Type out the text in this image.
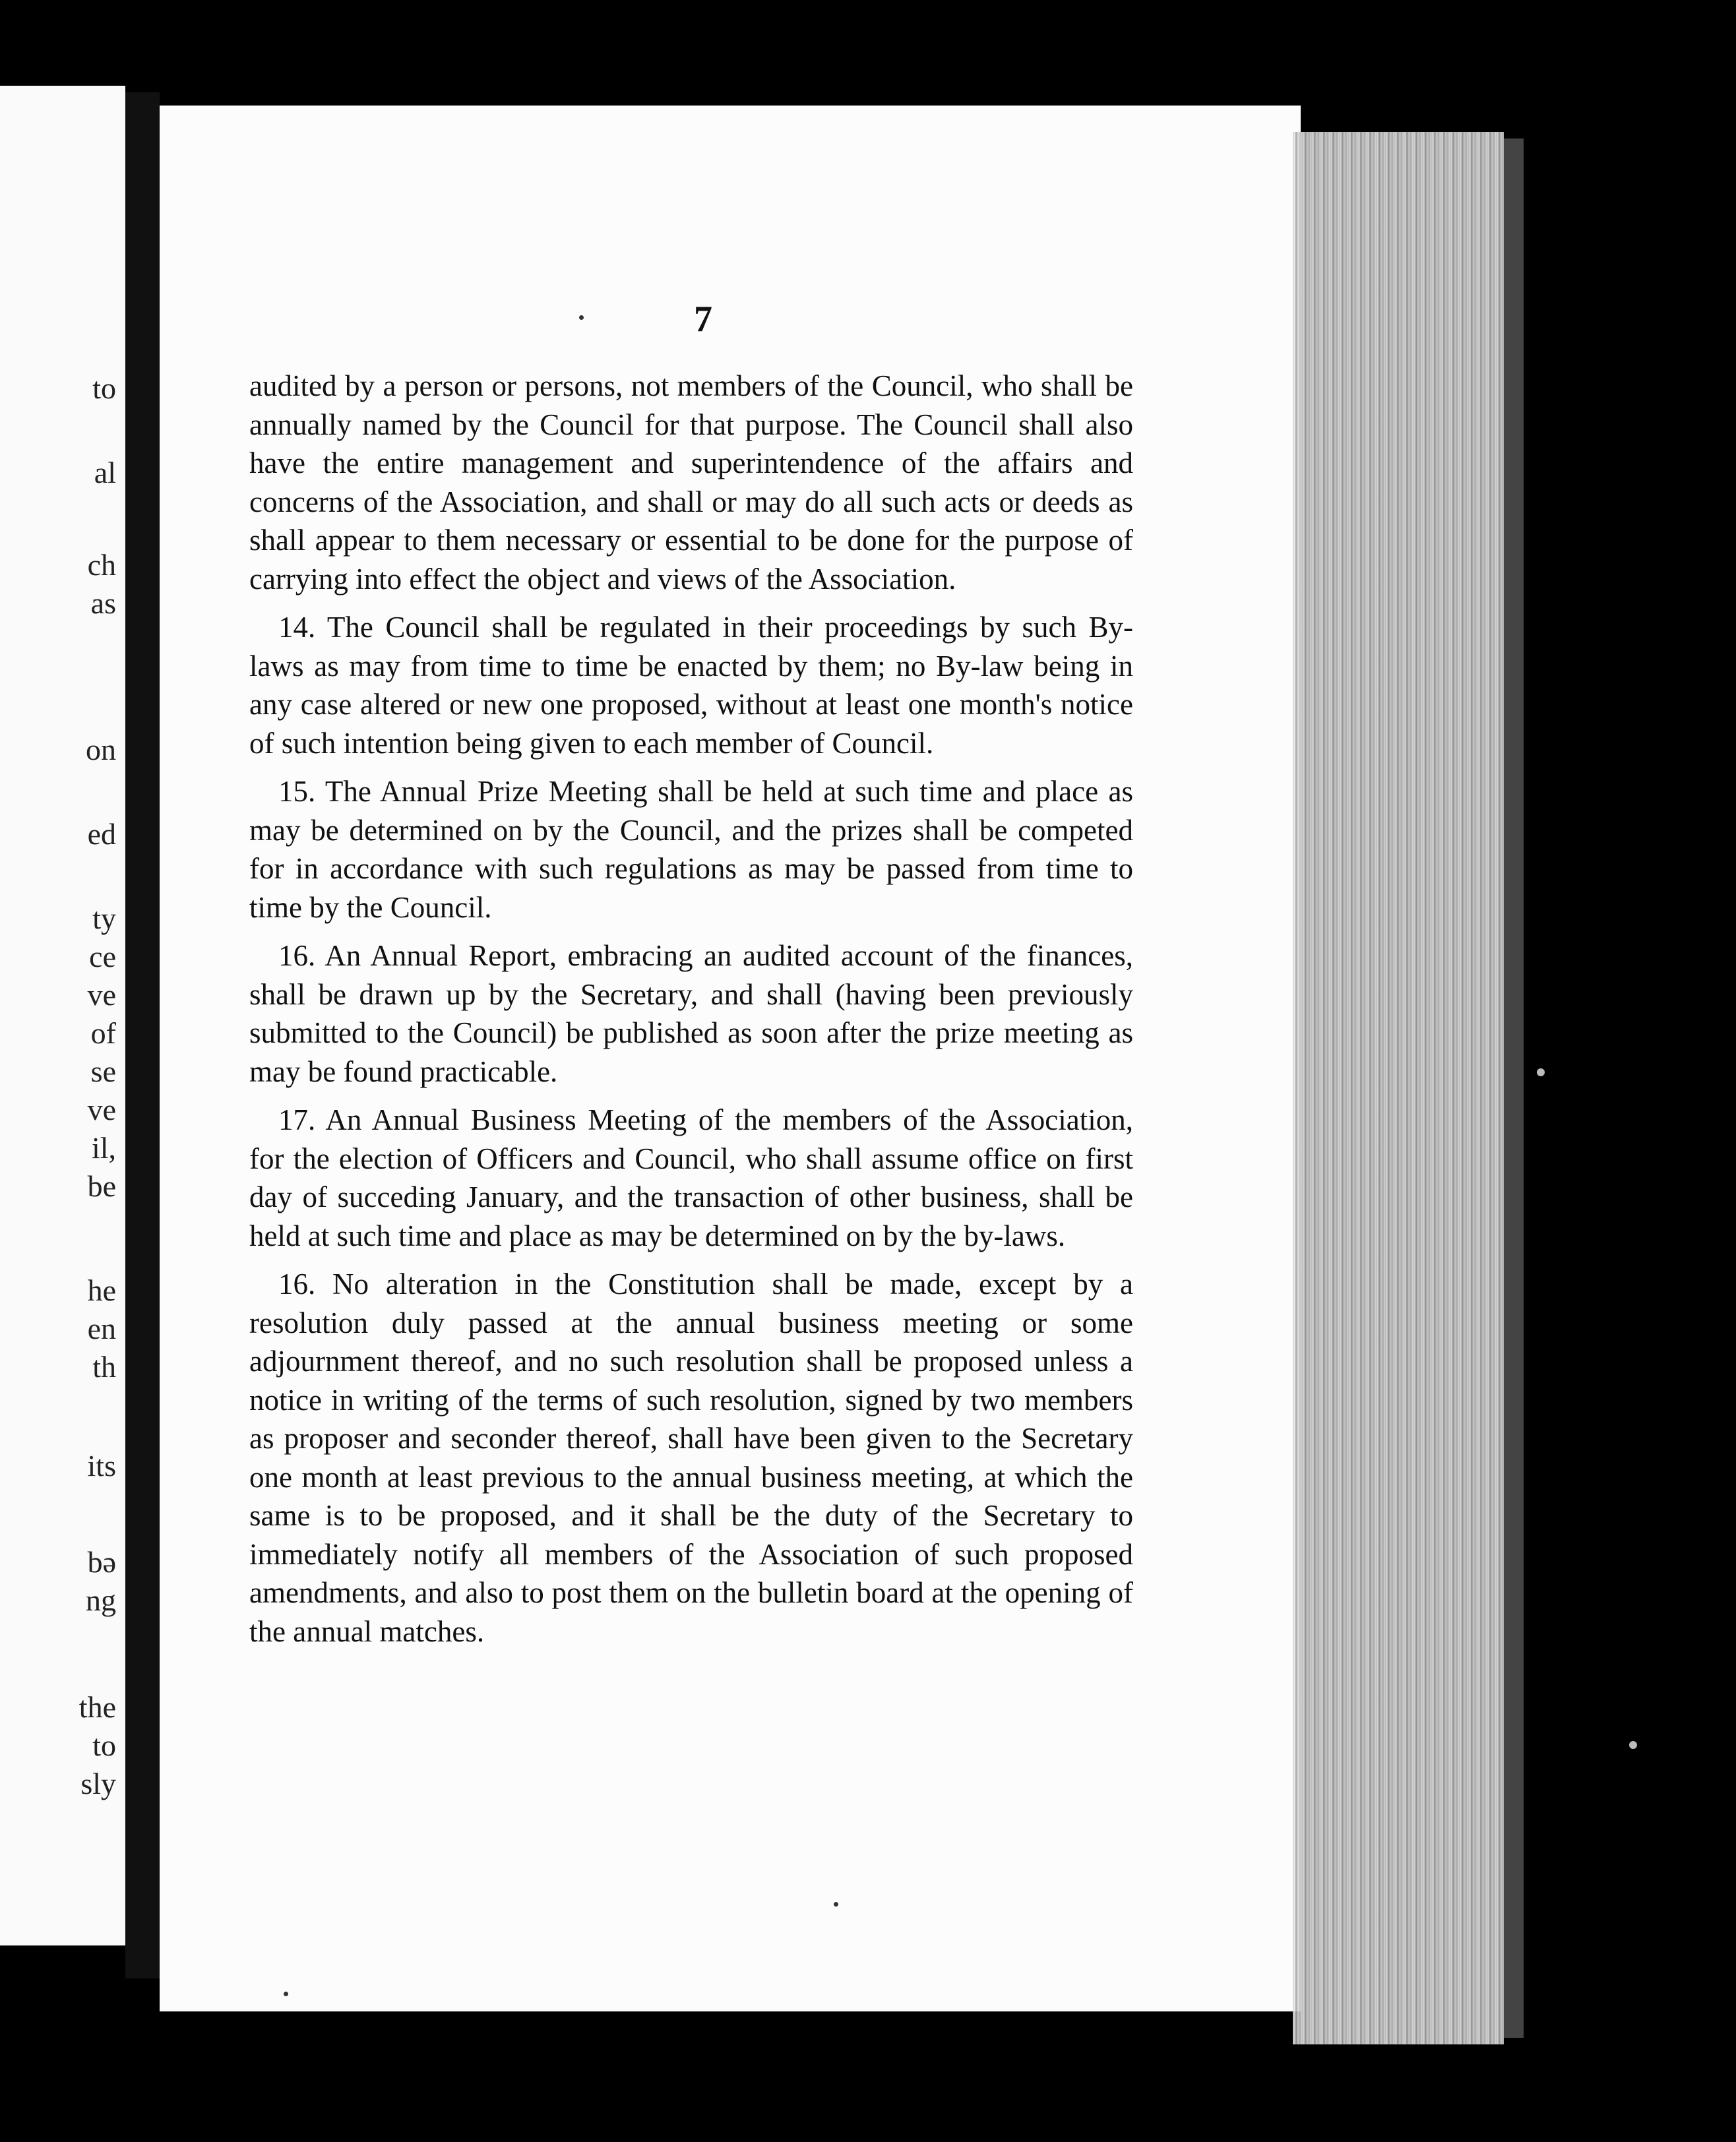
to
al
ch
as
on
ed
ty
ce
ve
of
se
ve
il,
be
he
en
th
its
bə
ng
the
to
sly
7

audited by a person or persons, not members of the Council, who shall be annually named by the Council for that purpose. The Council shall also have the entire management and superintendence of the affairs and concerns of the Association, and shall or may do all such acts or deeds as shall appear to them necessary or essential to be done for the purpose of carrying into effect the object and views of the Association.

14. The Council shall be regulated in their proceedings by such By-laws as may from time to time be enacted by them; no By-law being in any case altered or new one proposed, without at least one month's notice of such intention being given to each member of Council.

15. The Annual Prize Meeting shall be held at such time and place as may be determined on by the Council, and the prizes shall be competed for in accordance with such regulations as may be passed from time to time by the Council.

16. An Annual Report, embracing an audited account of the finances, shall be drawn up by the Secretary, and shall (having been previously submitted to the Council) be published as soon after the prize meeting as may be found practicable.

17. An Annual Business Meeting of the members of the Association, for the election of Officers and Council, who shall assume office on first day of succeding January, and the transaction of other business, shall be held at such time and place as may be determined on by the by-laws.

16. No alteration in the Constitution shall be made, except by a resolution duly passed at the annual business meeting or some adjournment thereof, and no such resolution shall be proposed unless a notice in writing of the terms of such resolution, signed by two members as proposer and seconder thereof, shall have been given to the Secretary one month at least previous to the annual business meeting, at which the same is to be proposed, and it shall be the duty of the Secretary to immediately notify all members of the Association of such proposed amendments, and also to post them on the bulletin board at the opening of the annual matches.
